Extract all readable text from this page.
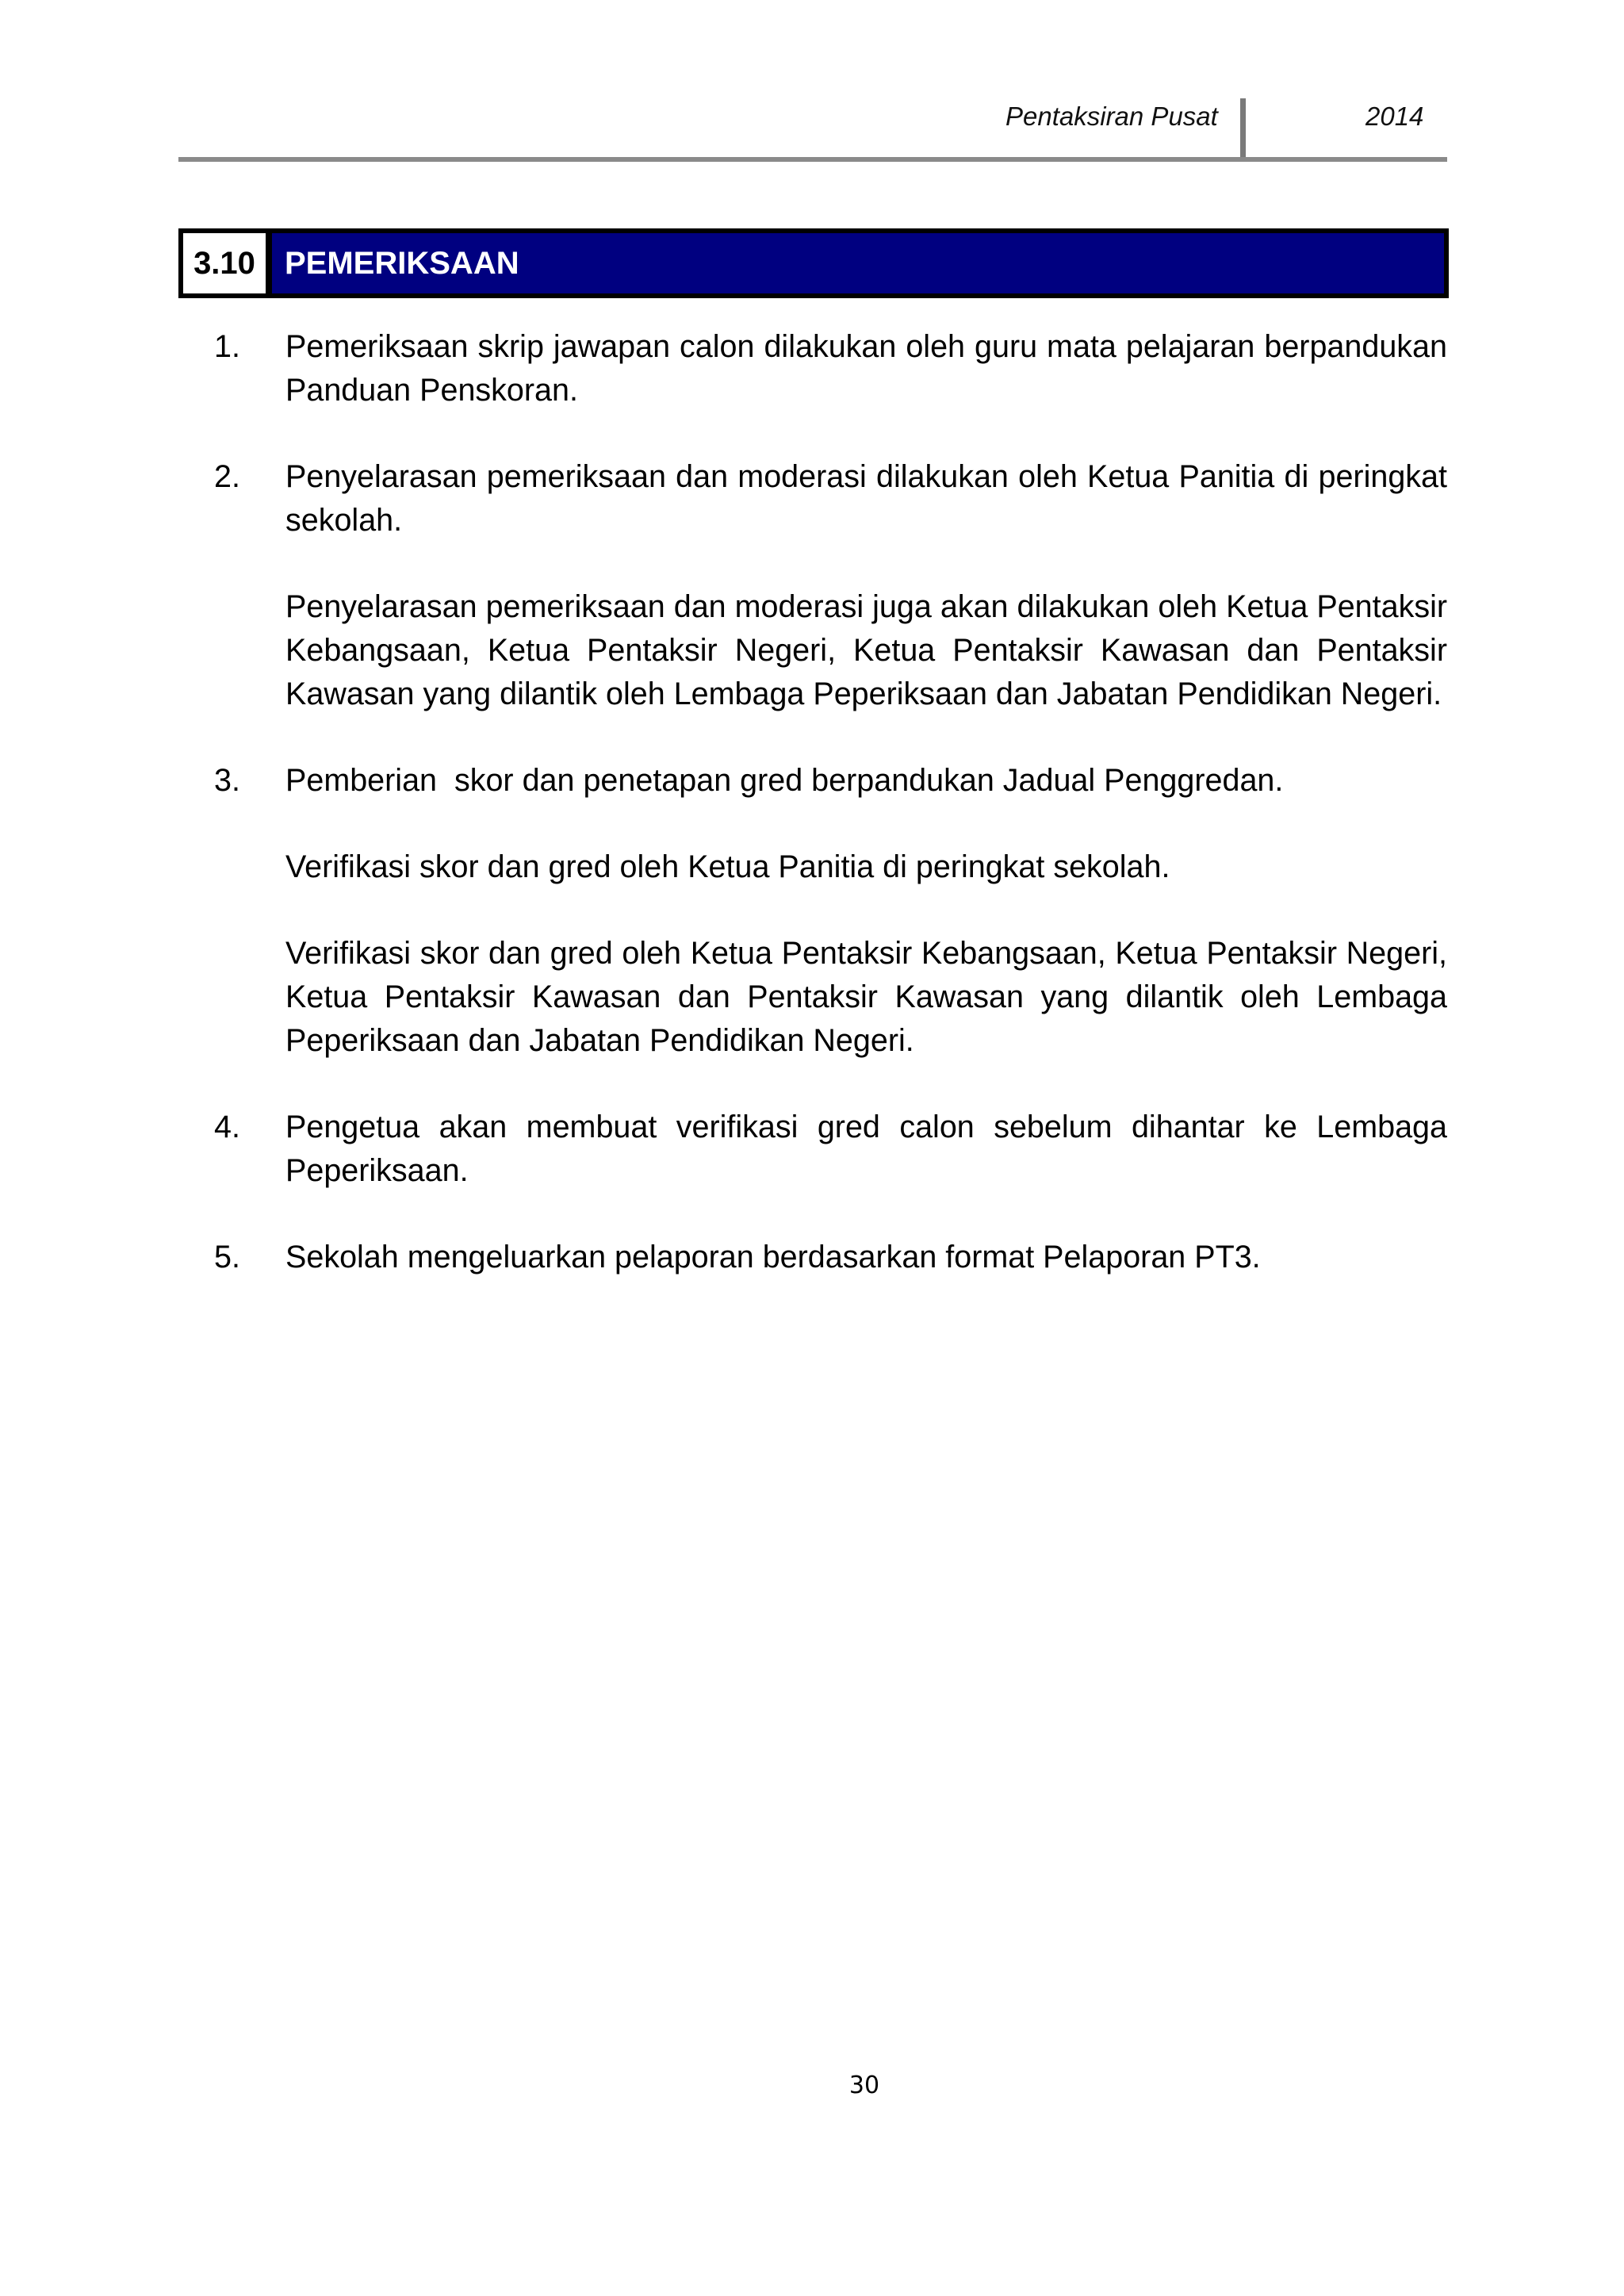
Pentaksiran Pusat	2014
3.10 PEMERIKSAAN
1.	Pemeriksaan skrip jawapan calon dilakukan oleh guru mata pelajaran berpandukan Panduan Penskoran.

2.	Penyelarasan pemeriksaan dan moderasi dilakukan oleh Ketua Panitia di peringkat sekolah.

Penyelarasan pemeriksaan dan moderasi juga akan dilakukan oleh Ketua Pentaksir Kebangsaan, Ketua Pentaksir Negeri, Ketua Pentaksir Kawasan dan Pentaksir Kawasan yang dilantik oleh Lembaga Peperiksaan dan Jabatan Pendidikan Negeri.

3.	Pemberian  skor dan penetapan gred berpandukan Jadual Penggredan.

Verifikasi skor dan gred oleh Ketua Panitia di peringkat sekolah.

Verifikasi skor dan gred oleh Ketua Pentaksir Kebangsaan, Ketua Pentaksir Negeri, Ketua Pentaksir Kawasan dan Pentaksir Kawasan yang dilantik oleh Lembaga Peperiksaan dan Jabatan Pendidikan Negeri.

4.	Pengetua akan membuat verifikasi gred calon sebelum dihantar ke Lembaga Peperiksaan.

5.	Sekolah mengeluarkan pelaporan berdasarkan format Pelaporan PT3.

30
